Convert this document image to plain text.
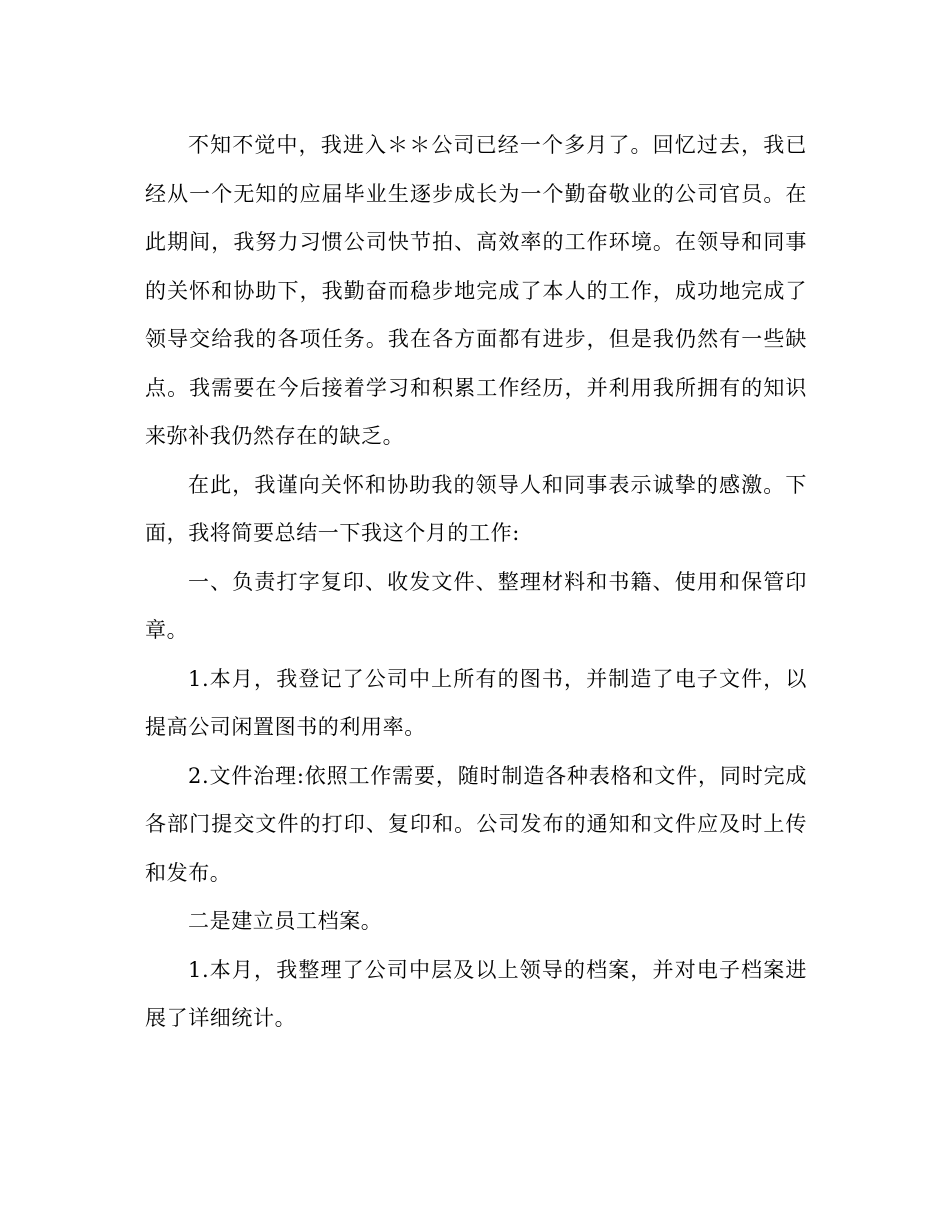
不知不觉中，我进入＊＊公司已经一个多月了。回忆过去，我已经从一个无知的应届毕业生逐步成长为一个勤奋敬业的公司官员。在此期间，我努力习惯公司快节拍、高效率的工作环境。在领导和同事的关怀和协助下，我勤奋而稳步地完成了本人的工作，成功地完成了领导交给我的各项任务。我在各方面都有进步，但是我仍然有一些缺点。我需要在今后接着学习和积累工作经历，并利用我所拥有的知识来弥补我仍然存在的缺乏。

在此，我谨向关怀和协助我的领导人和同事表示诚挚的感激。下面，我将简要总结一下我这个月的工作:

一、负责打字复印、收发文件、整理材料和书籍、使用和保管印章。

1.本月，我登记了公司中上所有的图书，并制造了电子文件，以提高公司闲置图书的利用率。

2.文件治理:依照工作需要，随时制造各种表格和文件，同时完成各部门提交文件的打印、复印和。公司发布的通知和文件应及时上传和发布。

二是建立员工档案。

1.本月，我整理了公司中层及以上领导的档案，并对电子档案进展了详细统计。
